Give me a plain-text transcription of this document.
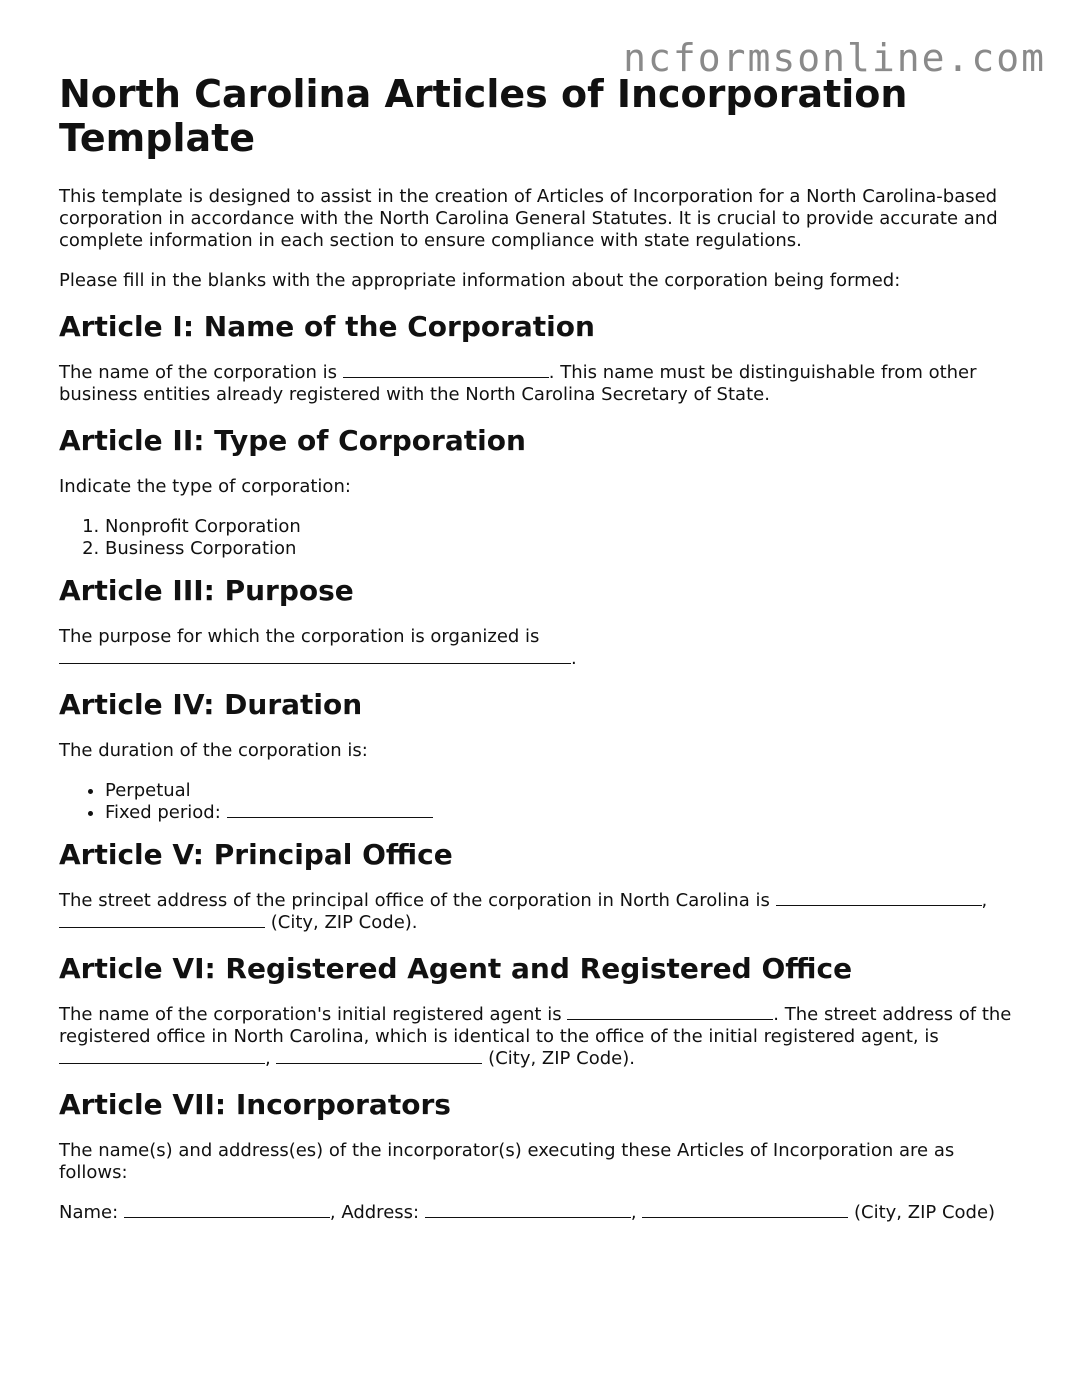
ncformsonline.com
North Carolina Articles of Incorporation Template

This template is designed to assist in the creation of Articles of Incorporation for a North Carolina-based corporation in accordance with the North Carolina General Statutes. It is crucial to provide accurate and complete information in each section to ensure compliance with state regulations.

Please fill in the blanks with the appropriate information about the corporation being formed:

Article I: Name of the Corporation

The name of the corporation is	. This name must be distinguishable from other business entities already registered with the North Carolina Secretary of State.

Article II: Type of Corporation

Indicate the type of corporation:

1. Nonprofit Corporation
2. Business Corporation
Article III: Purpose

The purpose for which the corporation is organized is
.

Article IV: Duration

The duration of the corporation is:

• Perpetual
• Fixed period:
Article V: Principal Office

The street address of the principal office of the corporation in North Carolina is	,  (City, ZIP Code).

Article VI: Registered Agent and Registered Office

The name of the corporation's initial registered agent is	. The street address of the registered office in North Carolina, which is identical to the office of the initial registered agent, is ,	(City, ZIP Code).

Article VII: Incorporators

The name(s) and address(es) of the incorporator(s) executing these Articles of Incorporation are as follows:

Name:	, Address:	,	(City, ZIP Code)
